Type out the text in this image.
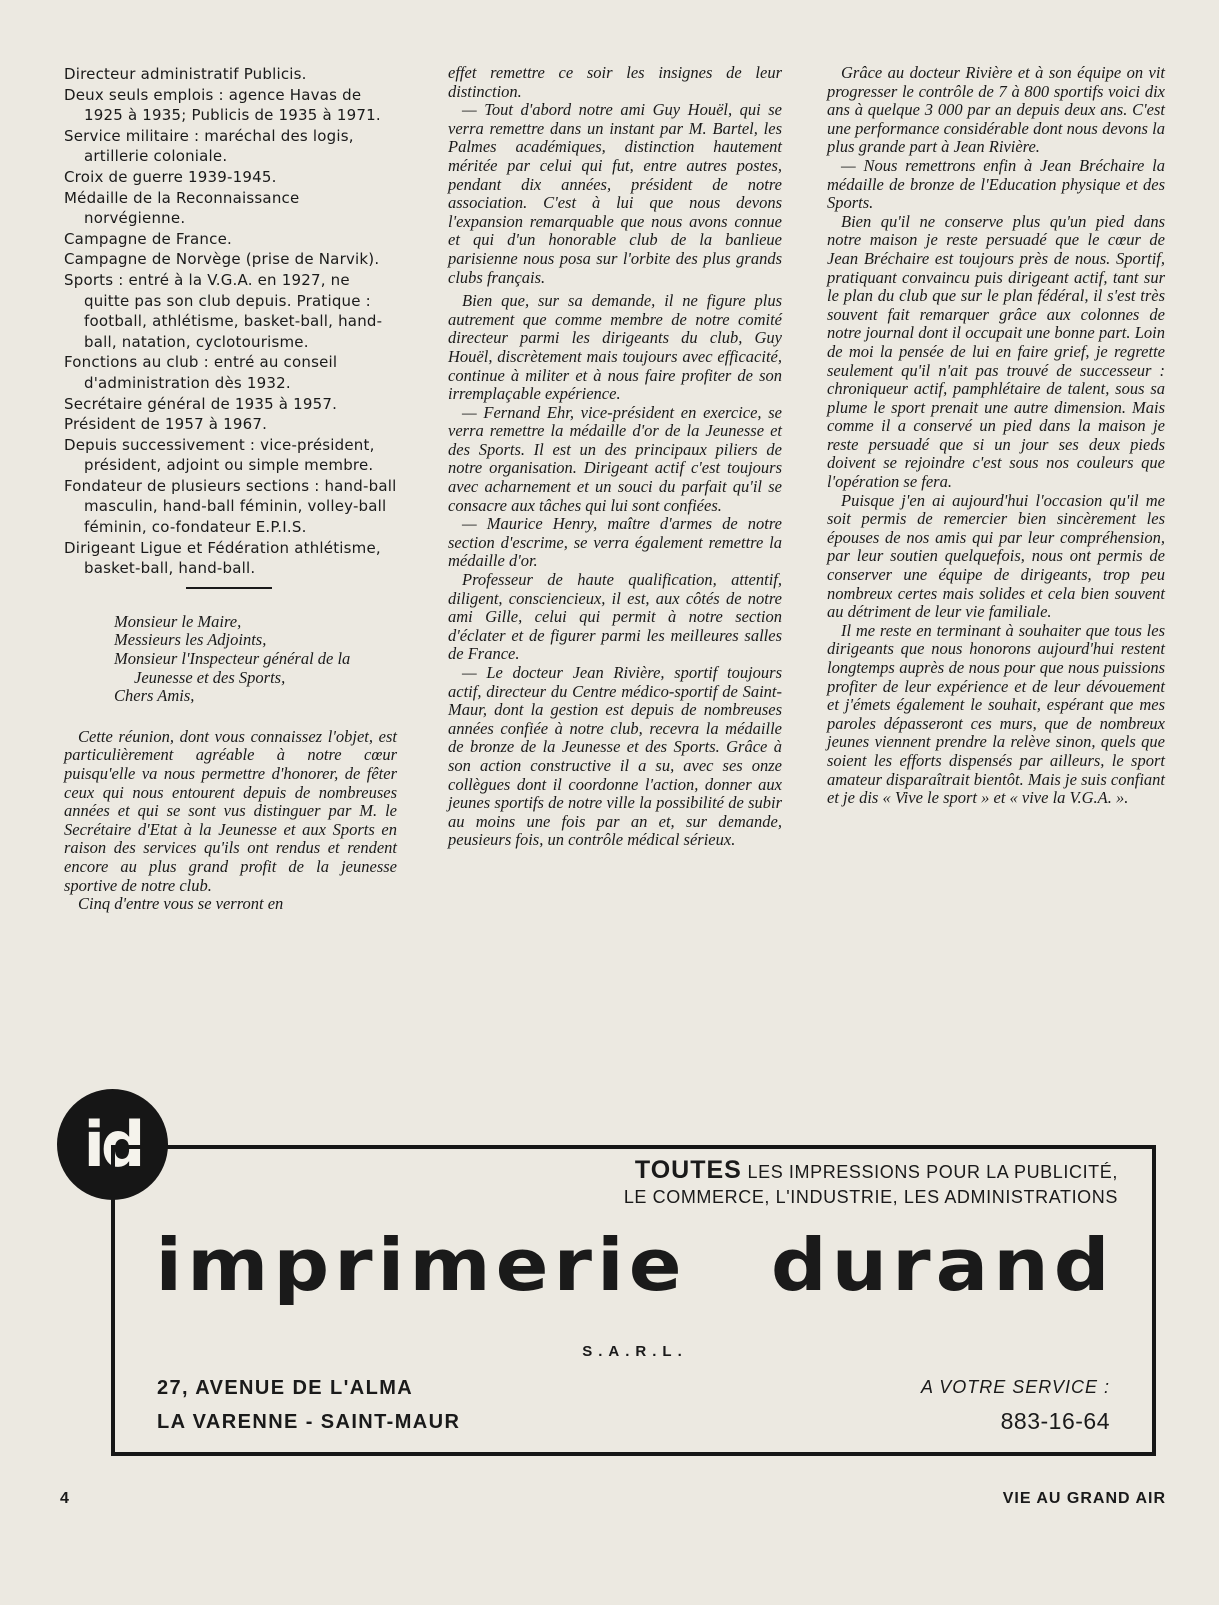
Directeur administratif Publicis.
Deux seuls emplois : agence Havas de 1925 à 1935; Publicis de 1935 à 1971.
Service militaire : maréchal des logis, artillerie coloniale.
Croix de guerre 1939-1945.
Médaille de la Reconnaissance norvégienne.
Campagne de France.
Campagne de Norvège (prise de Narvik).
Sports : entré à la V.G.A. en 1927, ne quitte pas son club depuis. Pratique : football, athlétisme, basket-ball, hand-ball, natation, cyclotourisme.
Fonctions au club : entré au conseil d'administration dès 1932.
Secrétaire général de 1935 à 1957.
Président de 1957 à 1967.
Depuis successivement : vice-président, président, adjoint ou simple membre.
Fondateur de plusieurs sections : hand-ball masculin, hand-ball féminin, volley-ball féminin, co-fondateur E.P.I.S.
Dirigeant Ligue et Fédération athlétisme, basket-ball, hand-ball.
Monsieur le Maire,
Messieurs les Adjoints,
Monsieur l'Inspecteur général de la Jeunesse et des Sports,
Chers Amis,

Cette réunion, dont vous connaissez l'objet, est particulièrement agréable à notre cœur puisqu'elle va nous permettre d'honorer, de fêter ceux qui nous entourent depuis de nombreuses années et qui se sont vus distinguer par M. le Secrétaire d'Etat à la Jeunesse et aux Sports en raison des services qu'ils ont rendus et rendent encore au plus grand profit de la jeunesse sportive de notre club.

Cinq d'entre vous se verront en

effet remettre ce soir les insignes de leur distinction.

— Tout d'abord notre ami Guy Houël, qui se verra remettre dans un instant par M. Bartel, les Palmes académiques, distinction hautement méritée par celui qui fut, entre autres postes, pendant dix années, président de notre association. C'est à lui que nous devons l'expansion remarquable que nous avons connue et qui d'un honorable club de la banlieue parisienne nous posa sur l'orbite des plus grands clubs français.

Bien que, sur sa demande, il ne figure plus autrement que comme membre de notre comité directeur parmi les dirigeants du club, Guy Houël, discrètement mais toujours avec efficacité, continue à militer et à nous faire profiter de son irremplaçable expérience.

— Fernand Ehr, vice-président en exercice, se verra remettre la médaille d'or de la Jeunesse et des Sports. Il est un des principaux piliers de notre organisation. Dirigeant actif c'est toujours avec acharnement et un souci du parfait qu'il se consacre aux tâches qui lui sont confiées.

— Maurice Henry, maître d'armes de notre section d'escrime, se verra également remettre la médaille d'or.

Professeur de haute qualification, attentif, diligent, consciencieux, il est, aux côtés de notre ami Gille, celui qui permit à notre section d'éclater et de figurer parmi les meilleures salles de France.

— Le docteur Jean Rivière, sportif toujours actif, directeur du Centre médico-sportif de Saint-Maur, dont la gestion est depuis de nombreuses années confiée à notre club, recevra la médaille de bronze de la Jeunesse et des Sports. Grâce à son action constructive il a su, avec ses onze collègues dont il coordonne l'action, donner aux jeunes sportifs de notre ville la possibilité de subir au moins une fois par an et, sur demande, peusieurs fois, un contrôle médical sérieux.

Grâce au docteur Rivière et à son équipe on vit progresser le contrôle de 7 à 800 sportifs voici dix ans à quelque 3 000 par an depuis deux ans. C'est une performance considérable dont nous devons la plus grande part à Jean Rivière.

— Nous remettrons enfin à Jean Bréchaire la médaille de bronze de l'Education physique et des Sports.

Bien qu'il ne conserve plus qu'un pied dans notre maison je reste persuadé que le cœur de Jean Bréchaire est toujours près de nous. Sportif, pratiquant convaincu puis dirigeant actif, tant sur le plan du club que sur le plan fédéral, il s'est très souvent fait remarquer grâce aux colonnes de notre journal dont il occupait une bonne part. Loin de moi la pensée de lui en faire grief, je regrette seulement qu'il n'ait pas trouvé de successeur : chroniqueur actif, pamphlétaire de talent, sous sa plume le sport prenait une autre dimension. Mais comme il a conservé un pied dans la maison je reste persuadé que si un jour ses deux pieds doivent se rejoindre c'est sous nos couleurs que l'opération se fera.

Puisque j'en ai aujourd'hui l'occasion qu'il me soit permis de remercier bien sincèrement les épouses de nos amis qui par leur compréhension, par leur soutien quelquefois, nous ont permis de conserver une équipe de dirigeants, trop peu nombreux certes mais solides et cela bien souvent au détriment de leur vie familiale.

Il me reste en terminant à souhaiter que tous les dirigeants que nous honorons aujourd'hui restent longtemps auprès de nous pour que nous puissions profiter de leur expérience et de leur dévouement et j'émets également le souhait, espérant que mes paroles dépasseront ces murs, que de nombreux jeunes viennent prendre la relève sinon, quels que soient les efforts dispensés par ailleurs, le sport amateur disparaîtrait bientôt. Mais je suis confiant et je dis « Vive le sport » et « vive la V.G.A. ».

id	TOUTES LES IMPRESSIONS POUR LA PUBLICITÉ,
LE COMMERCE, L'INDUSTRIE, LES ADMINISTRATIONS
imprimerie durand
S.A.R.L.
27, AVENUE DE L'ALMA
LA VARENNE - SAINT-MAUR
A VOTRE SERVICE :
883-16-64
4	VIE AU GRAND AIR
